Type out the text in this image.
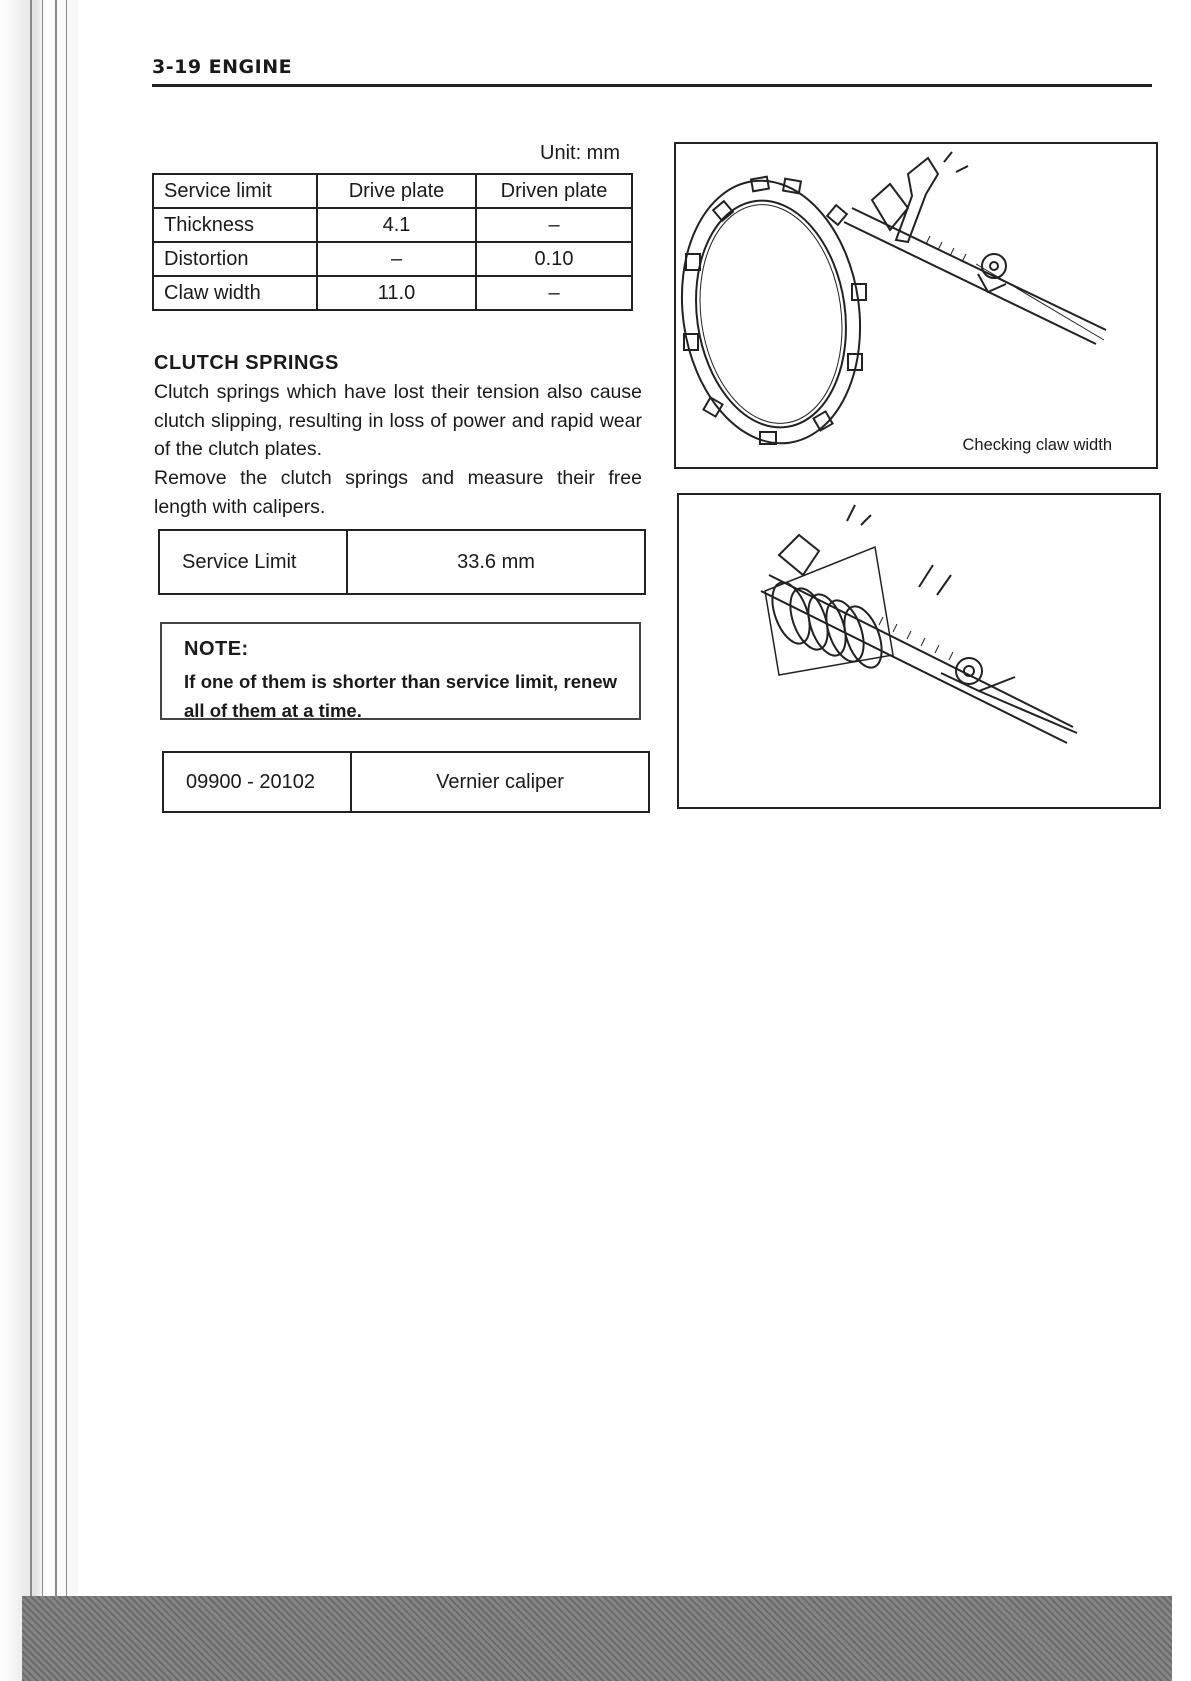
3-19 ENGINE
Unit: mm
Service limit	Drive plate	Driven plate
Thickness	4.1	–
Distortion	–	0.10
Claw width	11.0	–
CLUTCH SPRINGS
Clutch springs which have lost their tension also cause clutch slipping, resulting in loss of power and rapid wear of the clutch plates.
Remove the clutch springs and measure their free length with calipers.
Service Limit	33.6 mm
NOTE:
If one of them is shorter than service limit, renew all of them at a time.
09900 - 20102	Vernier caliper
Checking claw width
